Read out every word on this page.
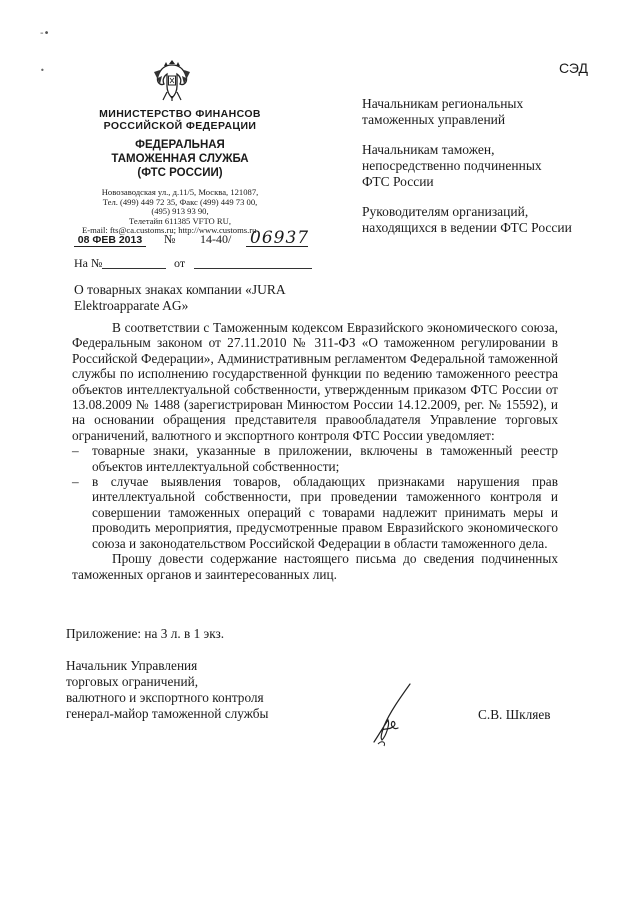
-•
•	СЭД
МИНИСТЕРСТВО ФИНАНСОВ
РОССИЙСКОЙ ФЕДЕРАЦИИ
ФЕДЕРАЛЬНАЯ
ТАМОЖЕННАЯ СЛУЖБА
(ФТС РОССИИ)
Новозаводская ул., д.11/5, Москва, 121087,
Тел. (499) 449 72 35, Факс (499) 449 73 00,
(495) 913 93 90,
Телетайп 611385 VFTO RU,
E-mail: fts@ca.customs.ru; http://www.customs.ru
08 ФЕВ 2013	№ 14-40/ 06937
На №	от
О товарных знаках компании «JURA Elektroapparate AG»

Начальникам региональных таможенных управлений

Начальникам таможен, непосредственно подчиненных ФТС России

Руководителям организаций, находящихся в ведении ФТС России

В соответствии с Таможенным кодексом Евразийского экономического союза, Федеральным законом от 27.11.2010 № 311-ФЗ «О таможенном регулировании в Российской Федерации», Административным регламентом Федеральной таможенной службы по исполнению государственной функции по ведению таможенного реестра объектов интеллектуальной собственности, утвержденным приказом ФТС России от 13.08.2009 № 1488 (зарегистрирован Минюстом России 14.12.2009, рег. № 15592), и на основании обращения представителя правообладателя Управление торговых ограничений, валютного и экспортного контроля ФТС России уведомляет:

– товарные знаки, указанные в приложении, включены в таможенный реестр объектов интеллектуальной собственности;
– в случае выявления товаров, обладающих признаками нарушения прав интеллектуальной собственности, при проведении таможенного контроля и совершении таможенных операций с товарами надлежит принимать меры и проводить мероприятия, предусмотренные правом Евразийского экономического союза и законодательством Российской Федерации в области таможенного дела.

Прошу довести содержание настоящего письма до сведения подчиненных таможенных органов и заинтересованных лиц.

Приложение: на 3 л. в 1 экз.
Начальник Управления
торговых ограничений,
валютного и экспортного контроля
генерал-майор таможенной службы	С.В. Шкляев
